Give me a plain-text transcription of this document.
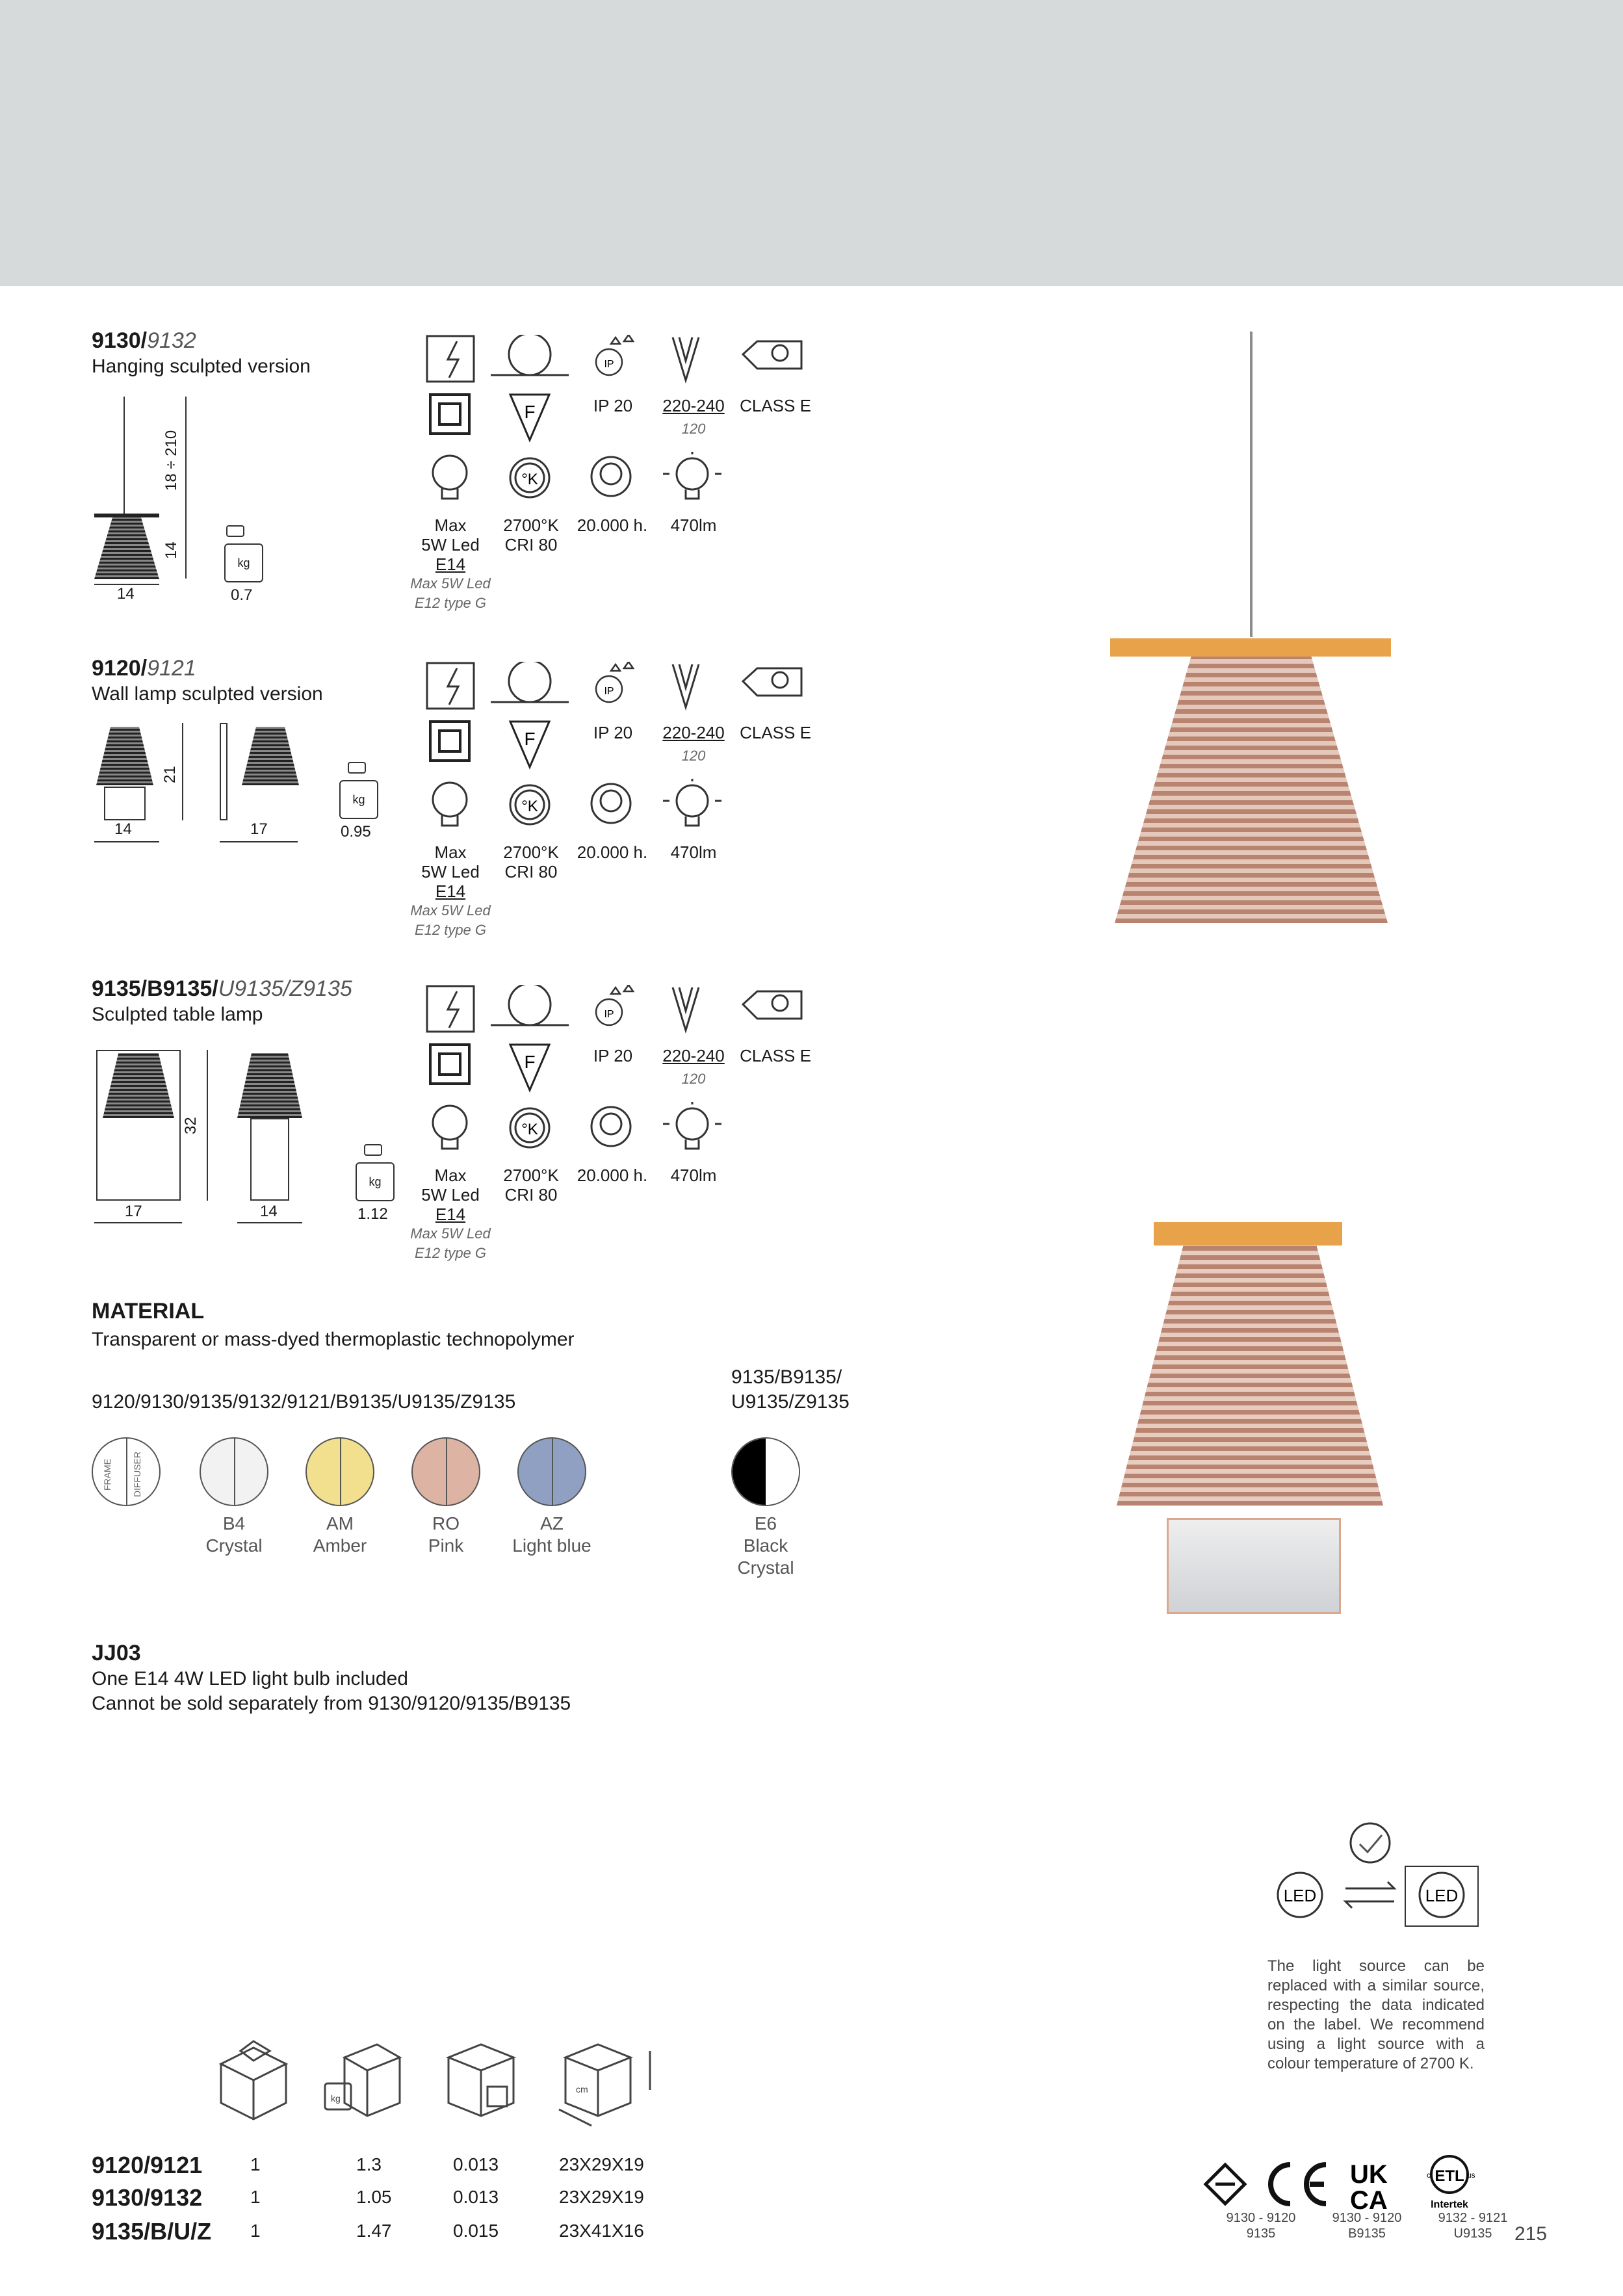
9130/9132
Hanging sculpted version
18 ÷ 210
14
14
kg
0.7
9120/9121
Wall lamp sculpted version
21
14	17
kg
0.95
9135/B9135/U9135/Z9135
Sculpted table lamp
32
17	14
kg
1.12
IP
F
°K
IP 20	220-240
120
CLASS E
Max
5W Led
E14
Max 5W Led
E12 type G
2700°K
CRI 80
20.000 h.	470lm
IP
F
°K
IP 20	220-240
120
CLASS E
Max
5W Led
E14
Max 5W Led
E12 type G
2700°K
CRI 80
20.000 h.	470lm
IP
F
°K
IP 20	220-240
120
CLASS E
Max
5W Led
E14
Max 5W Led
E12 type G
2700°K
CRI 80
20.000 h.	470lm
MATERIAL
Transparent or mass-dyed thermoplastic technopolymer
9120/9130/9135/9132/9121/B9135/U9135/Z9135
9135/B9135/
U9135/Z9135
FRAME DIFFUSER
B4
Crystal
AM
Amber
RO
Pink
AZ
Light blue
E6
Black
Crystal
JJ03
One E14 4W LED light bulb included
Cannot be sold separately from 9130/9120/9135/B9135
kg
cm
9120/9121	1	1.3	0.013	23X29X19
9130/9132	1	1.05	0.013	23X29X19
9135/B/U/Z 1	1.47	0.015	23X41X16
LED	LED
The light source can be replaced with a similar source, respecting the data indicated on the label. We recommend using a light source with a colour temperature of 2700 K.
UK
CA
ETL
c	us
Intertek
9130 - 9120
9135
9130 - 9120
B9135
9132 - 9121
U9135	215
